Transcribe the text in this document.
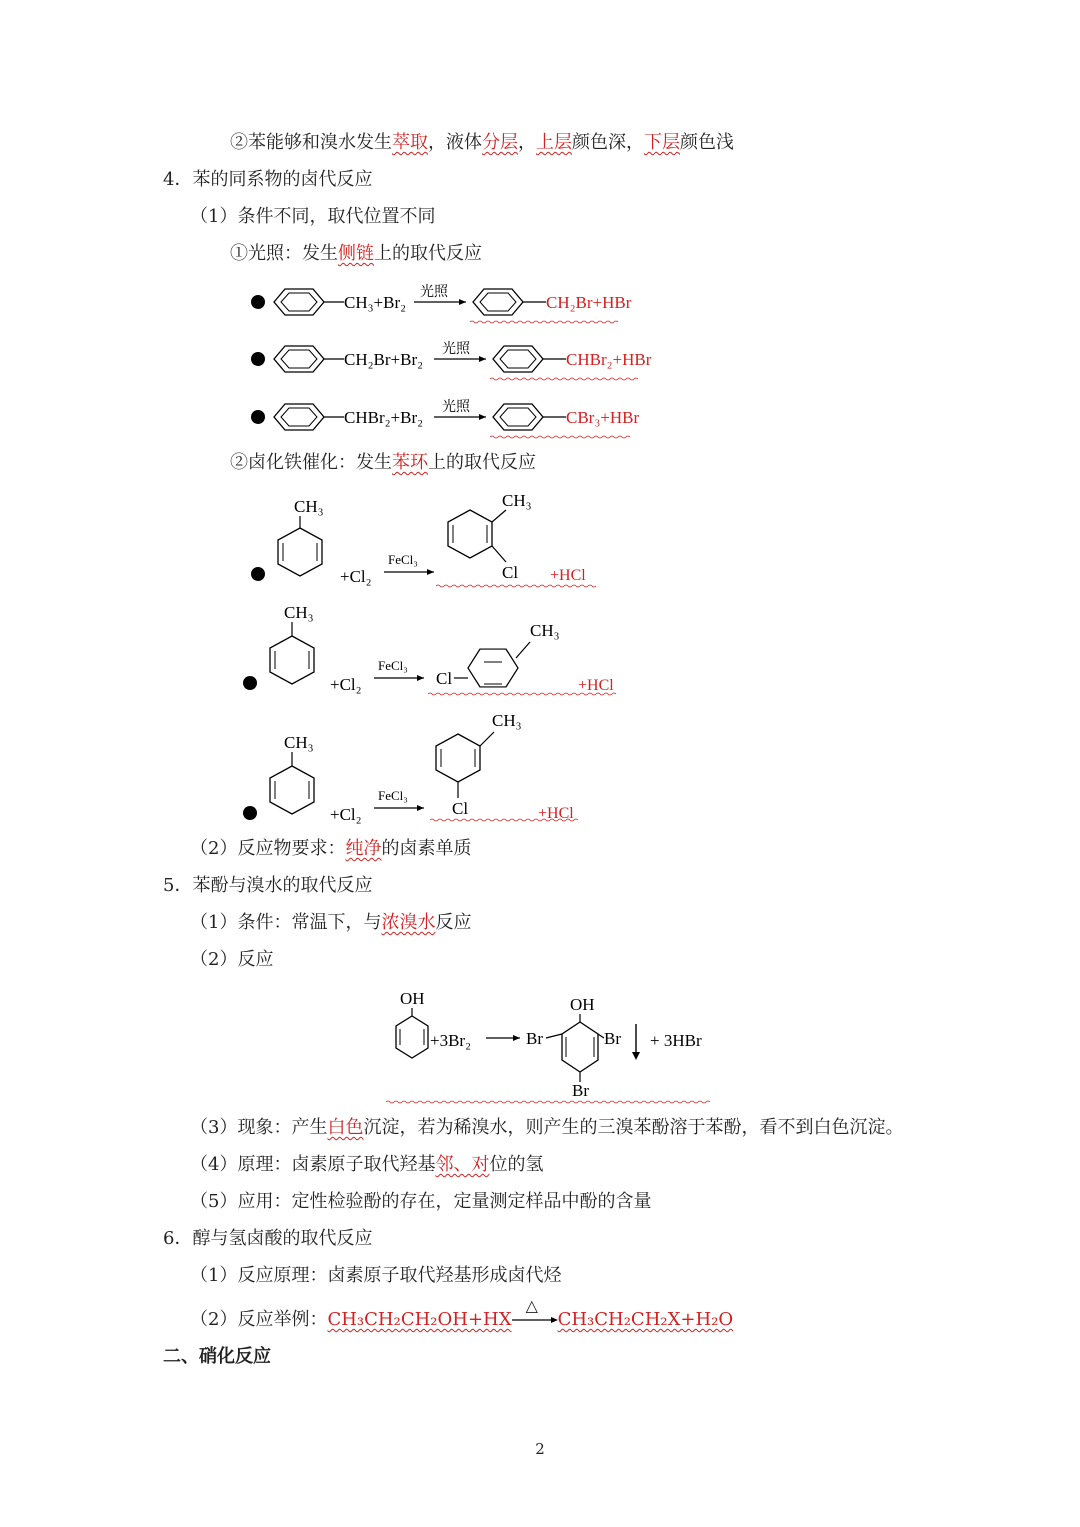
②苯能够和溴水发生萃取，液体分层，上层颜色深，下层颜色浅
4．苯的同系物的卤代反应
（1）条件不同，取代位置不同
①光照：发生侧链上的取代反应
CH₃+Br₂
光照
CH₂Br+HBr
CH₂Br+Br₂
光照
CHBr₂+HBr
CHBr₂+Br₂
光照
CBr₃+HBr
②卤化铁催化：发生苯环上的取代反应
CH₃
+Cl₂
FeCl₃
CH₃
Cl +HCl
CH₃
+Cl₂
FeCl₃
Cl
CH₃
+HCl
CH₃
+Cl₂
FeCl₃
CH₃
Cl	+HCl
（2）反应物要求：纯净的卤素单质
5．苯酚与溴水的取代反应
（1）条件：常温下，与浓溴水反应
（2）反应
OH
+3Br₂	Br
OH
Br
Br
+ 3HBr
（3）现象：产生白色沉淀，若为稀溴水，则产生的三溴苯酚溶于苯酚，看不到白色沉淀。
（4）原理：卤素原子取代羟基邻、对位的氢
（5）应用：定性检验酚的存在，定量测定样品中酚的含量
6．醇与氢卤酸的取代反应
（1）反应原理：卤素原子取代羟基形成卤代烃
（2）反应举例：CH₃CH₂CH₂OH+HX
△
CH₃CH₂CH₂X+H₂O
二、硝化反应
2
